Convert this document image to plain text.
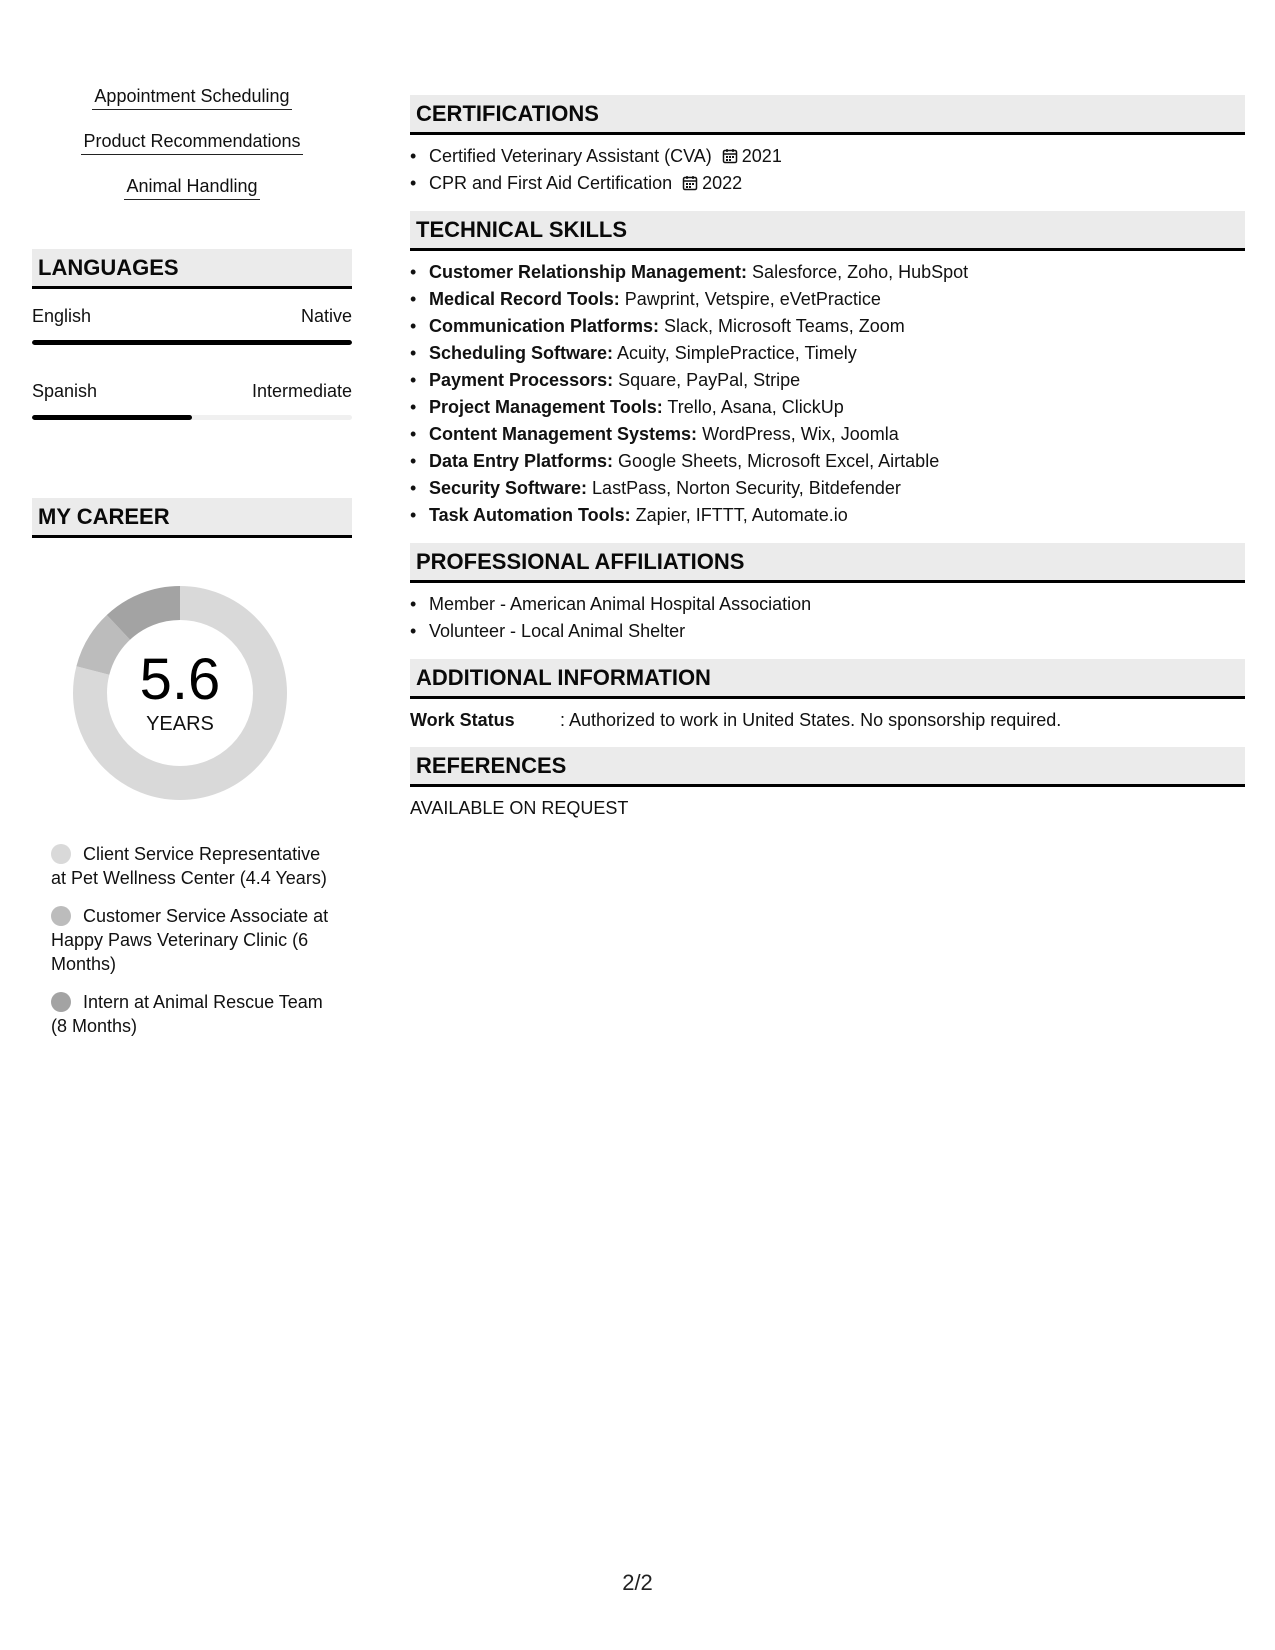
Appointment Scheduling
Product Recommendations
Animal Handling
LANGUAGES
English	Native
Spanish	Intermediate
MY CAREER
5.6
YEARS
Client Service Representative at Pet Wellness Center (4.4 Years)
Customer Service Associate at Happy Paws Veterinary Clinic (6 Months)
Intern at Animal Rescue Team (8 Months)
CERTIFICATIONS
• Certified Veterinary Assistant (CVA) 2021
• CPR and First Aid Certification 2022
TECHNICAL SKILLS
• Customer Relationship Management: Salesforce, Zoho, HubSpot
• Medical Record Tools: Pawprint, Vetspire, eVetPractice
• Communication Platforms: Slack, Microsoft Teams, Zoom
• Scheduling Software: Acuity, SimplePractice, Timely
• Payment Processors: Square, PayPal, Stripe
• Project Management Tools: Trello, Asana, ClickUp
• Content Management Systems: WordPress, Wix, Joomla
• Data Entry Platforms: Google Sheets, Microsoft Excel, Airtable
• Security Software: LastPass, Norton Security, Bitdefender
• Task Automation Tools: Zapier, IFTTT, Automate.io
PROFESSIONAL AFFILIATIONS
• Member - American Animal Hospital Association
• Volunteer - Local Animal Shelter
ADDITIONAL INFORMATION
Work Status	: Authorized to work in United States. No sponsorship required.
REFERENCES
AVAILABLE ON REQUEST
2/2
